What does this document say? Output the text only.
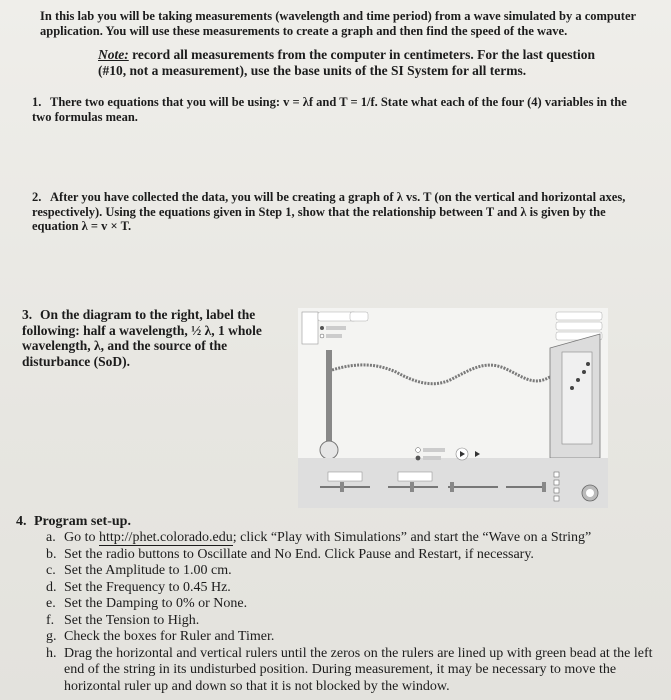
In this lab you will be taking measurements (wavelength and time period) from a wave simulated by a computer application. You will use these measurements to create a graph and then find the speed of the wave.
Note: record all measurements from the computer in centimeters. For the last question (#10, not a measurement), use the base units of the SI System for all terms.
1. There two equations that you will be using: v = λf and T = 1/f. State what each of the four (4) variables in the two formulas mean.
2. After you have collected the data, you will be creating a graph of λ vs. T (on the vertical and horizontal axes, respectively). Using the equations given in Step 1, show that the relationship between T and λ is given by the equation λ = v × T.
3. On the diagram to the right, label the following: half a wavelength, ½ λ, 1 whole wavelength, λ, and the source of the disturbance (SoD).
4. Program set-up.
a. Go to http://phet.colorado.edu; click “Play with Simulations” and start the “Wave on a String”
b. Set the radio buttons to Oscillate and No End. Click Pause and Restart, if necessary.
c. Set the Amplitude to 1.00 cm.
d. Set the Frequency to 0.45 Hz.
e. Set the Damping to 0% or None.
f. Set the Tension to High.
g. Check the boxes for Ruler and Timer.
h. Drag the horizontal and vertical rulers until the zeros on the rulers are lined up with green bead at the left end of the string in its undisturbed position. During measurement, it may be necessary to move the horizontal ruler up and down so that it is not blocked by the window.
